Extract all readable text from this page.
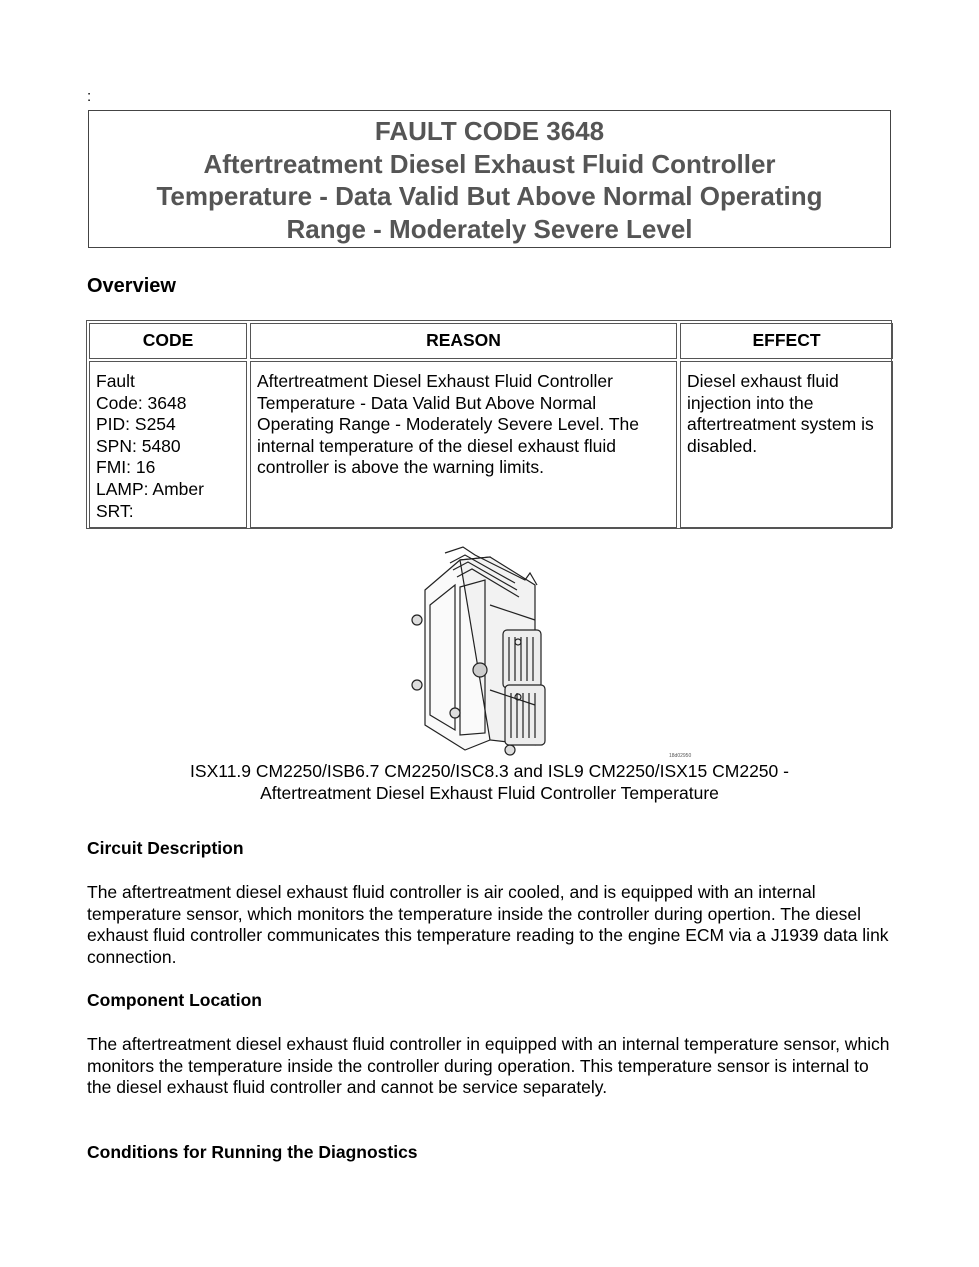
:
FAULT CODE 3648
Aftertreatment Diesel Exhaust Fluid Controller
Temperature - Data Valid But Above Normal Operating
Range - Moderately Severe Level
Overview
CODE	REASON	EFFECT

Fault
Code: 3648
PID: S254
SPN: 5480
FMI: 16
LAMP: Amber
SRT:

Aftertreatment Diesel Exhaust Fluid Controller Temperature - Data Valid But Above Normal Operating Range - Moderately Severe Level. The internal temperature of the diesel exhaust fluid controller is above the warning limits.

Diesel exhaust fluid injection into the aftertreatment system is disabled.

18d02950
ISX11.9 CM2250/ISB6.7 CM2250/ISC8.3 and ISL9 CM2250/ISX15 CM2250 -
Aftertreatment Diesel Exhaust Fluid Controller Temperature
Circuit Description
The aftertreatment diesel exhaust fluid controller is air cooled, and is equipped with an internal temperature sensor, which monitors the temperature inside the controller during opertion. The diesel exhaust fluid controller communicates this temperature reading to the engine ECM via a J1939 data link connection.
Component Location
The aftertreatment diesel exhaust fluid controller in equipped with an internal temperature sensor, which monitors the temperature inside the controller during operation. This temperature sensor is internal to the diesel exhaust fluid controller and cannot be service separately.
Conditions for Running the Diagnostics
